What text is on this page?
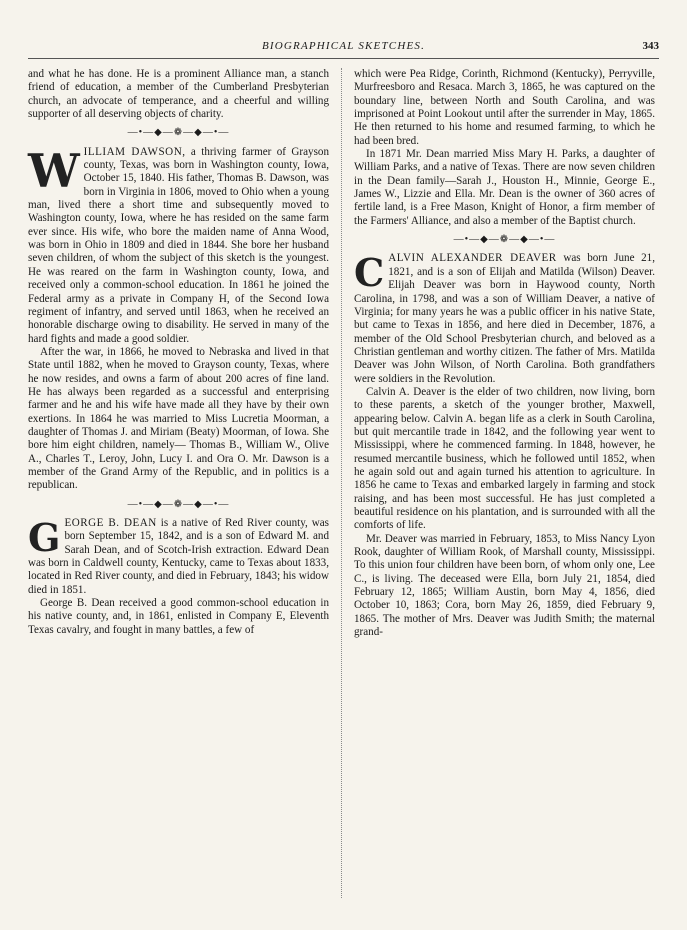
BIOGRAPHICAL SKETCHES.	343

and what he has done. He is a prominent Alliance man, a stanch friend of education, a member of the Cumberland Presbyterian church, an advocate of temperance, and a cheerful and willing supporter of all deserving objects of charity.

—•—◆—❁—◆—•—

WILLIAM DAWSON, a thriving farmer of Grayson county, Texas, was born in Washington county, Iowa, October 15, 1840. His father, Thomas B. Dawson, was born in Virginia in 1806, moved to Ohio when a young man, lived there a short time and subsequently moved to Washington county, Iowa, where he has resided on the same farm ever since. His wife, who bore the maiden name of Anna Wood, was born in Ohio in 1809 and died in 1844. She bore her husband seven children, of whom the subject of this sketch is the youngest. He was reared on the farm in Washington county, Iowa, and received only a common-school education. In 1861 he joined the Federal army as a private in Company H, of the Second Iowa regiment of infantry, and served until 1863, when he received an honorable discharge owing to disability. He served in many of the hard fights and made a good soldier.

After the war, in 1866, he moved to Nebraska and lived in that State until 1882, when he moved to Grayson county, Texas, where he now resides, and owns a farm of about 200 acres of fine land. He has always been regarded as a successful and enterprising farmer and he and his wife have made all they have by their own exertions. In 1864 he was married to Miss Lucretia Moorman, a daughter of Thomas J. and Miriam (Beaty) Moorman, of Iowa. She bore him eight children, namely— Thomas B., William W., Olive A., Charles T., Leroy, John, Lucy I. and Ora O. Mr. Dawson is a member of the Grand Army of the Republic, and in politics is a republican.

—•—◆—❁—◆—•—

GEORGE B. DEAN is a native of Red River county, was born September 15, 1842, and is a son of Edward M. and Sarah Dean, and of Scotch-Irish extraction. Edward Dean was born in Caldwell county, Kentucky, came to Texas about 1833, located in Red River county, and died in February, 1843; his widow died in 1851.

George B. Dean received a good common-school education in his native county, and, in 1861, enlisted in Company E, Eleventh Texas cavalry, and fought in many battles, a few of

which were Pea Ridge, Corinth, Richmond (Kentucky), Perryville, Murfreesboro and Resaca. March 3, 1865, he was captured on the boundary line, between North and South Carolina, and was imprisoned at Point Lookout until after the surrender in May, 1865. He then returned to his home and resumed farming, to which he had been bred.

In 1871 Mr. Dean married Miss Mary H. Parks, a daughter of William Parks, and a native of Texas. There are now seven children in the Dean family—Sarah J., Houston H., Minnie, George E., James W., Lizzie and Ella. Mr. Dean is the owner of 360 acres of fertile land, is a Free Mason, Knight of Honor, a firm member of the Farmers' Alliance, and also a member of the Baptist church.

—•—◆—❁—◆—•—

CALVIN ALEXANDER DEAVER was born June 21, 1821, and is a son of Elijah and Matilda (Wilson) Deaver. Elijah Deaver was born in Haywood county, North Carolina, in 1798, and was a son of William Deaver, a native of Virginia; for many years he was a public officer in his native State, but came to Texas in 1856, and here died in December, 1876, a member of the Old School Presbyterian church, and beloved as a Christian gentleman and worthy citizen. The father of Mrs. Matilda Deaver was John Wilson, of North Carolina. Both grandfathers were soldiers in the Revolution.

Calvin A. Deaver is the elder of two children, now living, born to these parents, a sketch of the younger brother, Maxwell, appearing below. Calvin A. began life as a clerk in South Carolina, but quit mercantile trade in 1842, and the following year went to Mississippi, where he commenced farming. In 1848, however, he resumed mercantile business, which he followed until 1852, when he again sold out and again turned his attention to agriculture. In 1856 he came to Texas and embarked largely in farming and stock raising, and has been most successful. He has just completed a beautiful residence on his plantation, and is surrounded with all the comforts of life.

Mr. Deaver was married in February, 1853, to Miss Nancy Lyon Rook, daughter of William Rook, of Marshall county, Mississippi. To this union four children have been born, of whom only one, Lee C., is living. The deceased were Ella, born July 21, 1854, died February 12, 1865; William Austin, born May 4, 1856, died October 10, 1863; Cora, born May 26, 1859, died February 9, 1865. The mother of Mrs. Deaver was Judith Smith; the maternal grand-
